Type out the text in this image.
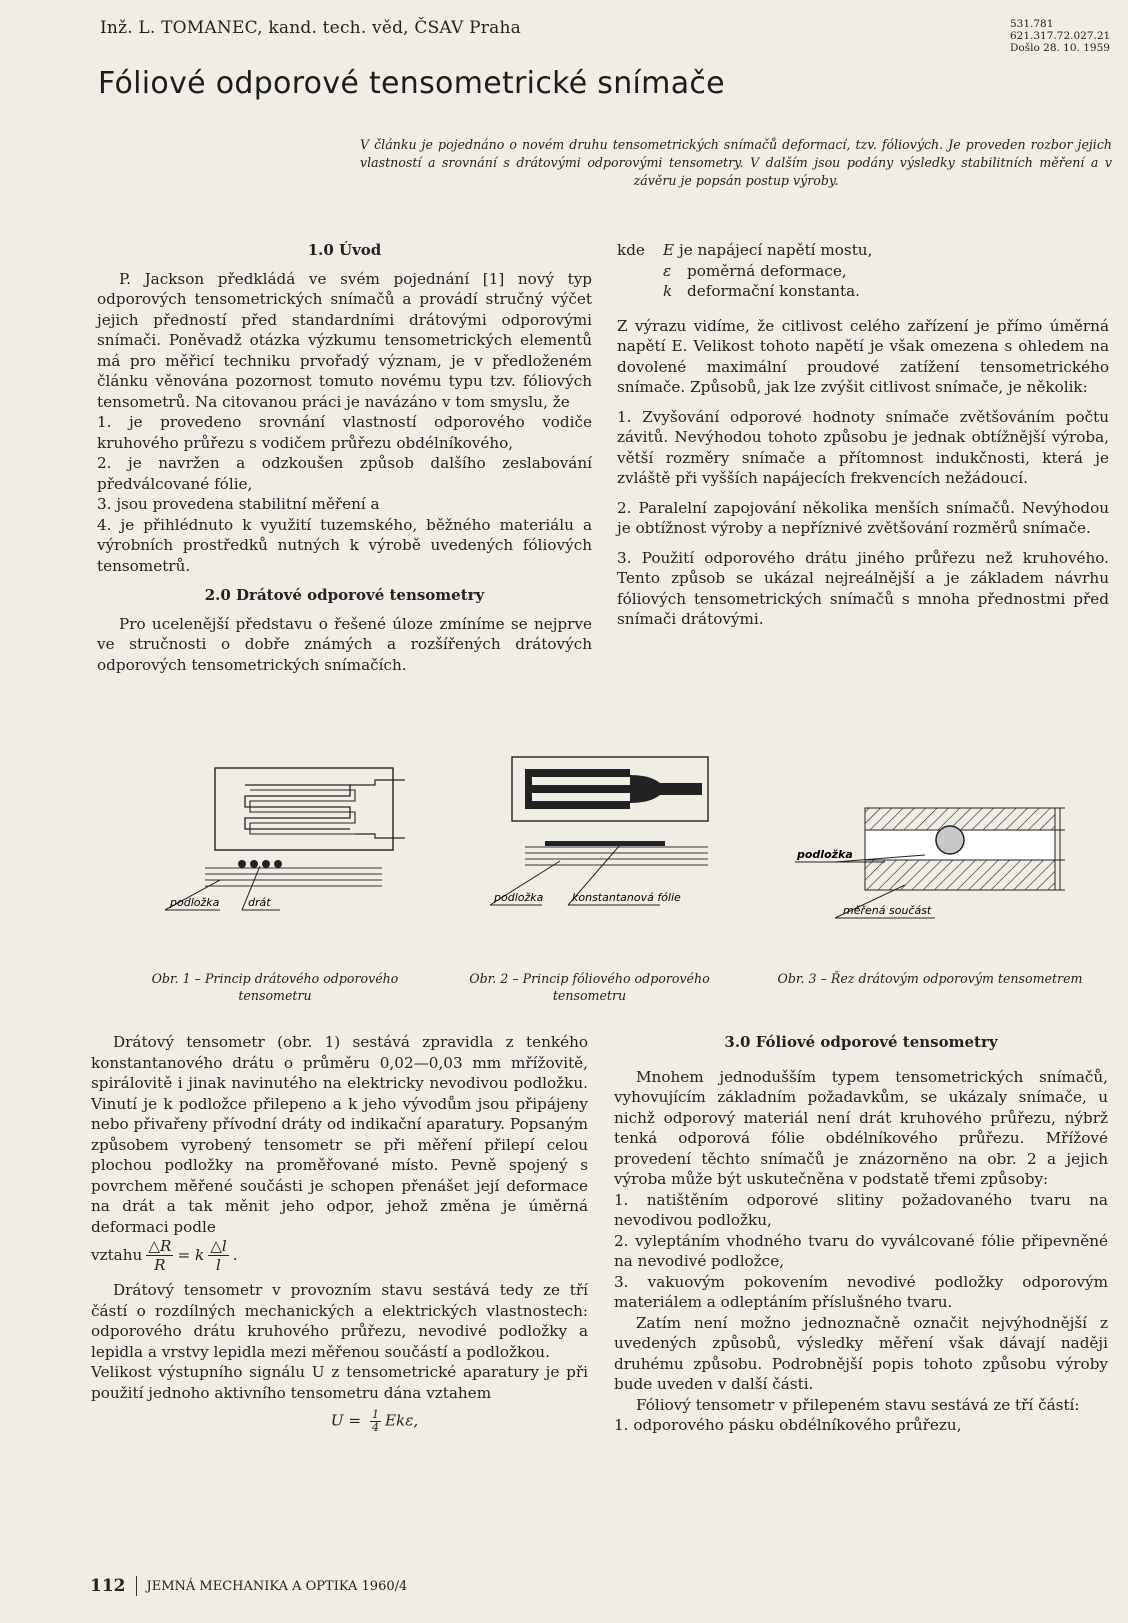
Inž. L. TOMANEC, kand. tech. věd, ČSAV Praha	531.781
621.317.72.027.21
Došlo 28. 10. 1959
Fóliové odporové tensometrické snímače
V článku je pojednáno o novém druhu tensometrických snímačů deformací, tzv. fóliových. Je proveden rozbor jejich vlastností a srovnání s drátovými odporovými tensometry. V dalším jsou podány výsledky stabilitních měření a v závěru je popsán postup výroby.
1.0 Úvod

P. Jackson předkládá ve svém pojednání [1] nový typ odporových tensometrických snímačů a provádí stručný výčet jejich předností před standardními drátovými odporovými snímači. Poněvadž otázka výzkumu tensometrických elementů má pro měřicí techniku prvořadý význam, je v předloženém článku věnována pozornost tomuto novému typu tzv. fóliových tensometrů. Na citovanou práci je navázáno v tom smyslu, že

1. je provedeno srovnání vlastností odporového vodiče kruhového průřezu s vodičem průřezu obdélníkového,

2. je navržen a odzkoušen způsob dalšího zeslabování předválcované fólie,

3. jsou provedena stabilitní měření a

4. je přihlédnuto k využití tuzemského, běžného materiálu a výrobních prostředků nutných k výrobě uvedených fóliových tensometrů.

2.0 Drátové odporové tensometry

Pro ucelenější představu o řešené úloze zmíníme se nejprve ve stručnosti o dobře známých a rozšířených drátových odporových tensometrických snímačích.

kde	E je napájecí napětí mostu,
ε	poměrná deformace,
k deformační konstanta.

Z výrazu vidíme, že citlivost celého zařízení je přímo úměrná napětí E. Velikost tohoto napětí je však omezena s ohledem na dovolené maximální proudové zatížení tensometrického snímače. Způsobů, jak lze zvýšit citlivost snímače, je několik:

1. Zvyšování odporové hodnoty snímače zvětšováním počtu závitů. Nevýhodou tohoto způsobu je jednak obtížnější výroba, větší rozměry snímače a přítomnost indukčnosti, která je zvláště při vyšších napájecích frekvencích nežádoucí.

2. Paralelní zapojování několika menších snímačů. Nevýhodou je obtížnost výroby a nepříznivé zvětšování rozměrů snímače.

3. Použití odporového drátu jiného průřezu než kruhového. Tento způsob se ukázal nejreálnější a je základem návrhu fóliových tensometrických snímačů s mnoha přednostmi před snímači drátovými.

podložka	drát
Obr. 1 – Princip drátového odporového tensometru
podložka	konstantanová fólie
Obr. 2 – Princip fóliového odporového tensometru
podložka
měřená součást
Obr. 3 – Řez drátovým odporovým tensometrem

Drátový tensometr (obr. 1) sestává zpravidla z tenkého konstantanového drátu o průměru 0,02—0,03 mm mřížovitě, spirálovitě i jinak navinutého na elektricky nevodivou podložku. Vinutí je k podložce přilepeno a k jeho vývodům jsou připájeny nebo přivařeny přívodní dráty od indikační aparatury. Popsaným způsobem vyrobený tensometr se při měření přilepí celou plochou podložky na proměřované místo. Pevně spojený s povrchem měřené součásti je schopen přenášet její deformace na drát a tak měnit jeho odpor, jehož změna je úměrná deformaci podle

vztahu $\frac{\triangle R}{R} = k \frac{\triangle l}{l}$ .

Drátový tensometr v provozním stavu sestává tedy ze tří částí o rozdílných mechanických a elektrických vlastnostech: odporového drátu kruhového průřezu, nevodivé podložky a lepidla a vrstvy lepidla mezi měřenou součástí a podložkou.

Velikost výstupního signálu U z tensometrické aparatury je při použití jednoho aktivního tensometru dána vztahem

$U = \frac{1}{4} Ek\varepsilon$,
3.0 Fóliové odporové tensometry

Mnohem jednodušším typem tensometrických snímačů, vyhovujícím základním požadavkům, se ukázaly snímače, u nichž odporový materiál není drát kruhového průřezu, nýbrž tenká odporová fólie obdélníkového průřezu. Mřížové provedení těchto snímačů je znázorněno na obr. 2 a jejich výroba může být uskutečněna v podstatě třemi způsoby:

1. natištěním odporové slitiny požadovaného tvaru na nevodivou podložku,

2. vyleptáním vhodného tvaru do vyválcované fólie připevněné na nevodivé podložce,

3. vakuovým pokovením nevodivé podložky odporovým materiálem a odleptáním příslušného tvaru.

Zatím není možno jednoznačně označit nejvýhodnější z uvedených způsobů, výsledky měření však dávají naději druhému způsobu. Podrobnější popis tohoto způsobu výroby bude uveden v další části.

Fóliový tensometr v přilepeném stavu sestává ze tří částí:

1. odporového pásku obdélníkového průřezu,

112 JEMNÁ MECHANIKA A OPTIKA 1960/4
